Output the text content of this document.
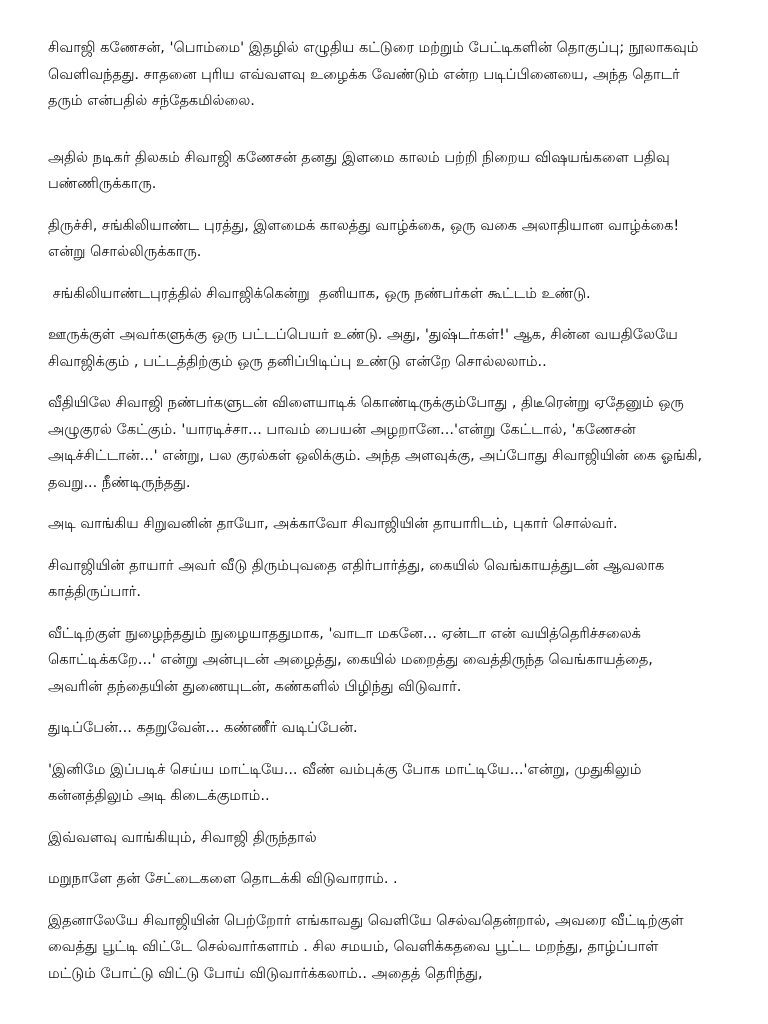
சிவாஜி கணேசன், 'பொம்மை' இதழில் எழுதிய கட்டுரை மற்றும் பேட்டிகளின் தொகுப்பு; நூலாகவும் வெளிவந்தது. சாதனை புரிய எவ்வளவு உழைக்க வேண்டும் என்ற படிப்பினையை, அந்த தொடர் தரும் என்பதில் சந்தேகமில்லை.

அதில் நடிகர் திலகம் சிவாஜி கணேசன் தனது இளமை காலம் பற்றி நிறைய விஷயங்களை பதிவு பண்ணிருக்காரு.

திருச்சி, சங்கிலியாண்ட புரத்து, இளமைக் காலத்து வாழ்க்கை, ஒரு வகை அலாதியான வாழ்க்கை! என்று சொல்லிருக்காரு.

சங்கிலியாண்டபுரத்தில் சிவாஜிக்கென்று  தனியாக, ஒரு நண்பர்கள் கூட்டம் உண்டு.

ஊருக்குள் அவர்களுக்கு ஒரு பட்டப்பெயர் உண்டு. அது, 'துஷ்டர்கள்!' ஆக, சின்ன வயதிலேயே சிவாஜிக்கும் , பட்டத்திற்கும் ஒரு தனிப்பிடிப்பு உண்டு என்றே சொல்லலாம்..

வீதியிலே சிவாஜி நண்பர்களுடன் விளையாடிக் கொண்டிருக்கும்போது , திடீரென்று ஏதேனும் ஒரு அழுகுரல் கேட்கும். 'யாரடிச்சா... பாவம் பையன் அழறானே...'என்று கேட்டால், 'கணேசன் அடிச்சிட்டான்...' என்று, பல குரல்கள் ஒலிக்கும். அந்த அளவுக்கு, அப்போது சிவாஜியின் கை ஓங்கி, தவறு... நீண்டிருந்தது.

அடி வாங்கிய சிறுவனின் தாயோ, அக்காவோ சிவாஜியின் தாயாரிடம், புகார் சொல்வர்.

சிவாஜியின் தாயார் அவர் வீடு திரும்புவதை எதிர்பார்த்து, கையில் வெங்காயத்துடன் ஆவலாக காத்திருப்பார்.

வீட்டிற்குள் நுழைந்ததும் நுழையாததுமாக, 'வாடா மகனே... ஏன்டா என் வயித்தெரிச்சலைக் கொட்டிக்கறே...' என்று அன்புடன் அழைத்து, கையில் மறைத்து வைத்திருந்த வெங்காயத்தை, அவரின் தந்தையின் துணையுடன், கண்களில் பிழிந்து விடுவார்.

துடிப்பேன்... கதறுவேன்... கண்ணீர் வடிப்பேன்.

'இனிமே இப்படிச் செய்ய மாட்டியே... வீண் வம்புக்கு போக மாட்டியே...'என்று, முதுகிலும் கன்னத்திலும் அடி கிடைக்குமாம்..

இவ்வளவு வாங்கியும், சிவாஜி திருந்தால்

மறுநாளே தன் சேட்டைகளை தொடக்கி விடுவாராம். .

இதனாலேயே சிவாஜியின் பெற்றோர் எங்காவது வெளியே செல்வதென்றால், அவரை வீட்டிற்குள் வைத்து பூட்டி விட்டே செல்வார்களாம் . சில சமயம், வெளிக்கதவை பூட்ட மறந்து, தாழ்ப்பாள் மட்டும் போட்டு விட்டு போய் விடுவார்க்கலாம்.. அதைத் தெரிந்து,
